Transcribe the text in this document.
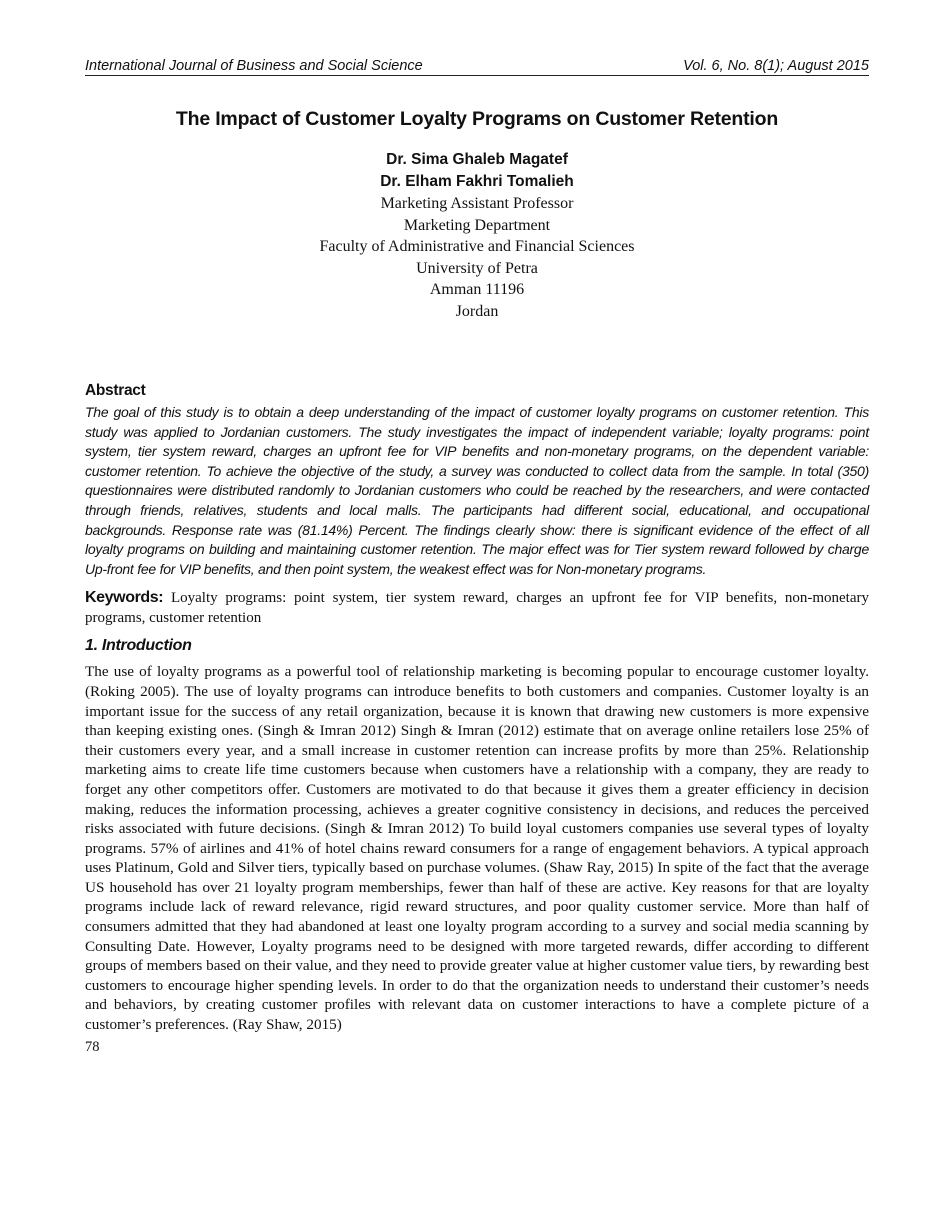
International Journal of Business and Social Science	Vol. 6, No. 8(1); August 2015
The Impact of Customer Loyalty Programs on Customer Retention
Dr. Sima Ghaleb Magatef
Dr. Elham Fakhri Tomalieh
Marketing Assistant Professor
Marketing Department
Faculty of Administrative and Financial Sciences
University of Petra
Amman 11196
Jordan
Abstract
The goal of this study is to obtain a deep understanding of the impact of customer loyalty programs on customer retention. This study was applied to Jordanian customers. The study investigates the impact of independent variable; loyalty programs: point system, tier system reward, charges an upfront fee for VIP benefits and non-monetary programs, on the dependent variable: customer retention. To achieve the objective of the study, a survey was conducted to collect data from the sample. In total (350) questionnaires were distributed randomly to Jordanian customers who could be reached by the researchers, and were contacted through friends, relatives, students and local malls. The participants had different social, educational, and occupational backgrounds. Response rate was (81.14%) Percent. The findings clearly show: there is significant evidence of the effect of all loyalty programs on building and maintaining customer retention. The major effect was for Tier system reward followed by charge Up-front fee for VIP benefits, and then point system, the weakest effect was for Non-monetary programs.
Keywords: Loyalty programs: point system, tier system reward, charges an upfront fee for VIP benefits, non-monetary programs, customer retention
1. Introduction
The use of loyalty programs as a powerful tool of relationship marketing is becoming popular to encourage customer loyalty. (Roking 2005). The use of loyalty programs can introduce benefits to both customers and companies. Customer loyalty is an important issue for the success of any retail organization, because it is known that drawing new customers is more expensive than keeping existing ones. (Singh & Imran 2012) Singh & Imran (2012) estimate that on average online retailers lose 25% of their customers every year, and a small increase in customer retention can increase profits by more than 25%. Relationship marketing aims to create life time customers because when customers have a relationship with a company, they are ready to forget any other competitors offer. Customers are motivated to do that because it gives them a greater efficiency in decision making, reduces the information processing, achieves a greater cognitive consistency in decisions, and reduces the perceived risks associated with future decisions. (Singh & Imran 2012) To build loyal customers companies use several types of loyalty programs. 57% of airlines and 41% of hotel chains reward consumers for a range of engagement behaviors. A typical approach uses Platinum, Gold and Silver tiers, typically based on purchase volumes. (Shaw Ray, 2015) In spite of the fact that the average US household has over 21 loyalty program memberships, fewer than half of these are active. Key reasons for that are loyalty programs include lack of reward relevance, rigid reward structures, and poor quality customer service. More than half of consumers admitted that they had abandoned at least one loyalty program according to a survey and social media scanning by Consulting Date. However, Loyalty programs need to be designed with more targeted rewards, differ according to different groups of members based on their value, and they need to provide greater value at higher customer value tiers, by rewarding best customers to encourage higher spending levels. In order to do that the organization needs to understand their customer’s needs and behaviors, by creating customer profiles with relevant data on customer interactions to have a complete picture of a customer’s preferences. (Ray Shaw, 2015)
78
